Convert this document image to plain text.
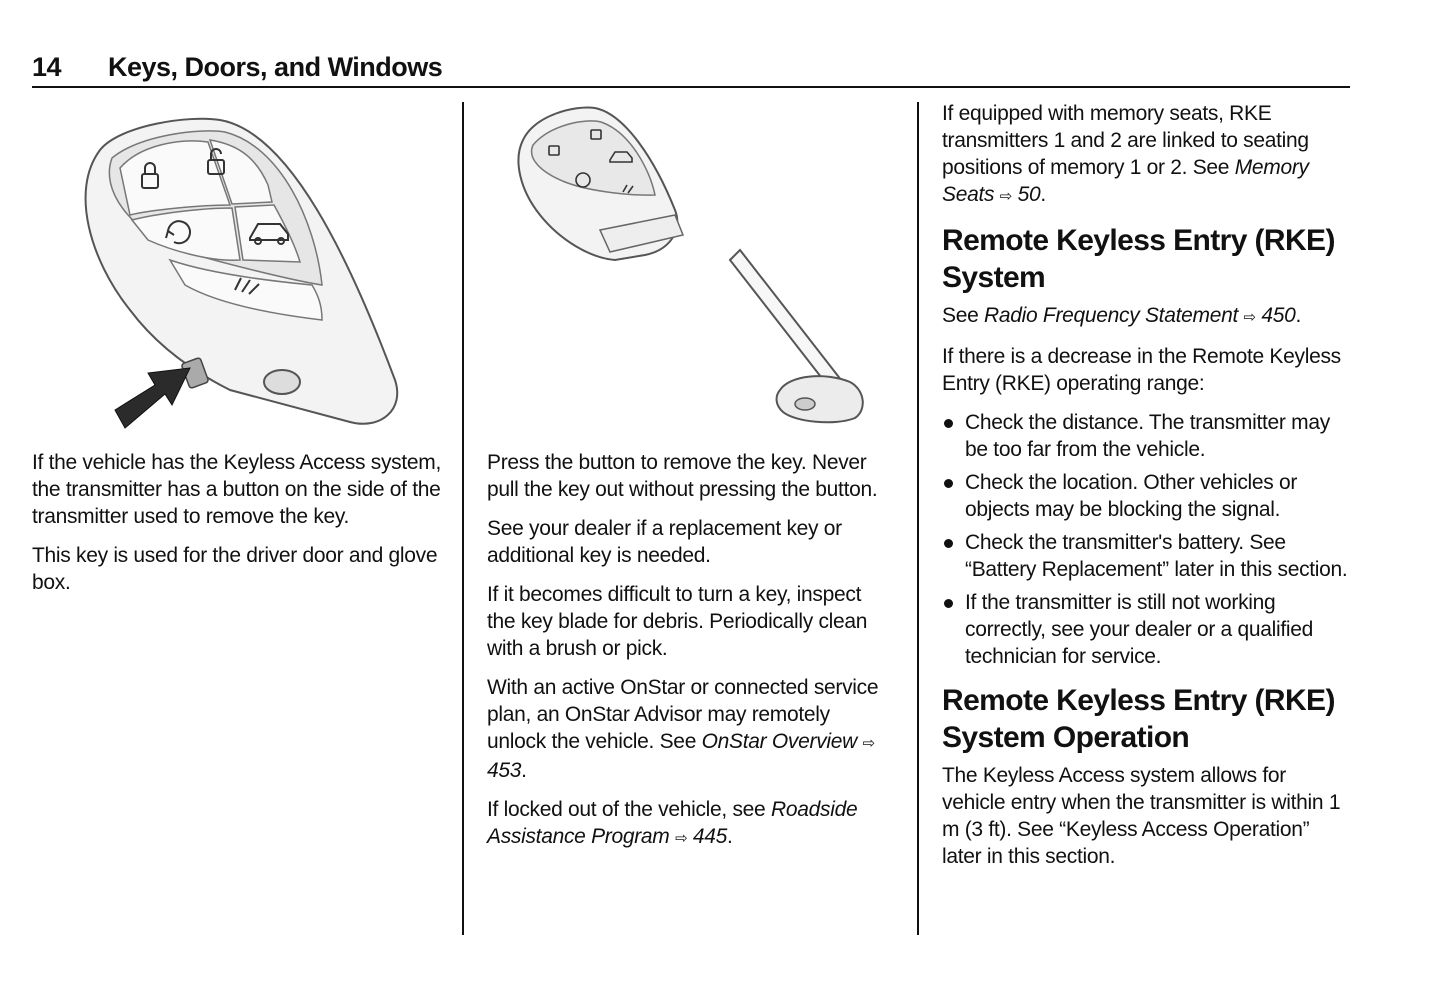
14 Keys, Doors, and Windows

If the vehicle has the Keyless Access system, the transmitter has a button on the side of the transmitter used to remove the key.

This key is used for the driver door and glove box.

Press the button to remove the key. Never pull the key out without pressing the button.

See your dealer if a replacement key or additional key is needed.

If it becomes difficult to turn a key, inspect the key blade for debris. Periodically clean with a brush or pick.

With an active OnStar or connected service plan, an OnStar Advisor may remotely unlock the vehicle. See OnStar Overview ⇨ 453.

If locked out of the vehicle, see Roadside Assistance Program ⇨ 445.

If equipped with memory seats, RKE transmitters 1 and 2 are linked to seating positions of memory 1 or 2. See Memory Seats ⇨ 50.

Remote Keyless Entry (RKE) System

See Radio Frequency Statement ⇨ 450.

If there is a decrease in the Remote Keyless Entry (RKE) operating range:

Check the distance. The transmitter may be too far from the vehicle.
Check the location. Other vehicles or objects may be blocking the signal.
Check the transmitter's battery. See “Battery Replacement” later in this section.
If the transmitter is still not working correctly, see your dealer or a qualified technician for service.
Remote Keyless Entry (RKE) System Operation

The Keyless Access system allows for vehicle entry when the transmitter is within 1 m (3 ft). See “Keyless Access Operation” later in this section.
